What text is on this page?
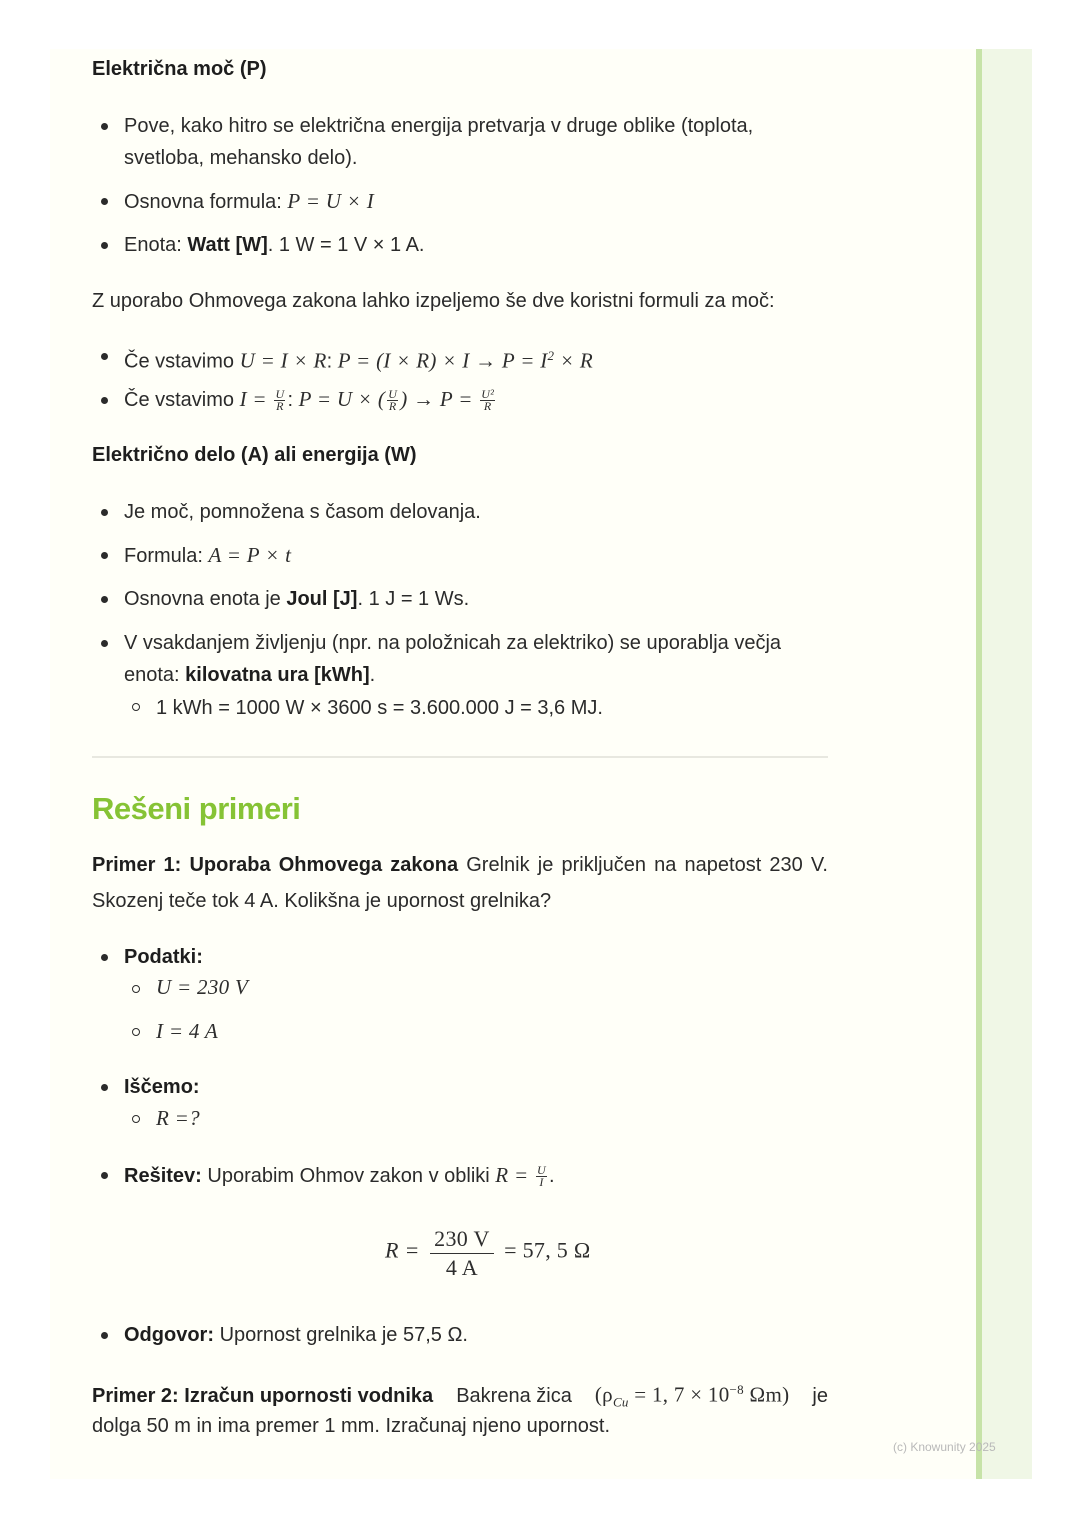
Električna moč (P)
Pove, kako hitro se električna energija pretvarja v druge oblike (toplota,
svetloba, mehansko delo).
Osnovna formula: P = U × I
Enota: Watt [W]. 1 W = 1 V × 1 A.
Z uporabo Ohmovega zakona lahko izpeljemo še dve koristni formuli za moč:
Če vstavimo U = I × R: $P = (I \times R) \times I \to P = I^2 \times R$
Če vstavimo $I = \frac{U}{R}$ : P = U × ( $\frac{U}{R}$ ) → $P = \frac{\text{U²}}{R}$
Električno delo (A) ali energija (W)
Je moč, pomnožena s časom delovanja.
Formula: A = P × t
Osnovna enota je Joul [J]. 1 J = 1 Ws.
V vsakdanjem življenju (npr. na položnicah za elektriko) se uporablja večja
enota: kilovatna ura [kWh].
1 kWh = 1000 W × 3600 s = 3.600.000 J = 3,6 MJ.
Rešeni primeri
Primer 1: Uporaba Ohmovega zakona Grelnik je priključen na napetost 230 V. Skozenj teče tok 4 A. Kolikšna je upornost grelnika?
Podatki:
U = 230 V
I = 4 A
Iščemo:
R =?
Rešitev: Uporabim Ohmov zakon v obliki $R = \frac{U}{I}$ .
$R = \frac{230 V}{4 A} = 57$, 5 Ω
Odgovor: Upornost grelnika je 57,5 Ω.
Primer 2: Izračun upornosti vodnika Bakrena žica ($\rho_{Cu} = 1$, $7 \times 10^{-8}$ Ωm) je
dolga 50 m in ima premer 1 mm. Izračunaj njeno upornost.
(c) Knowunity 2025
